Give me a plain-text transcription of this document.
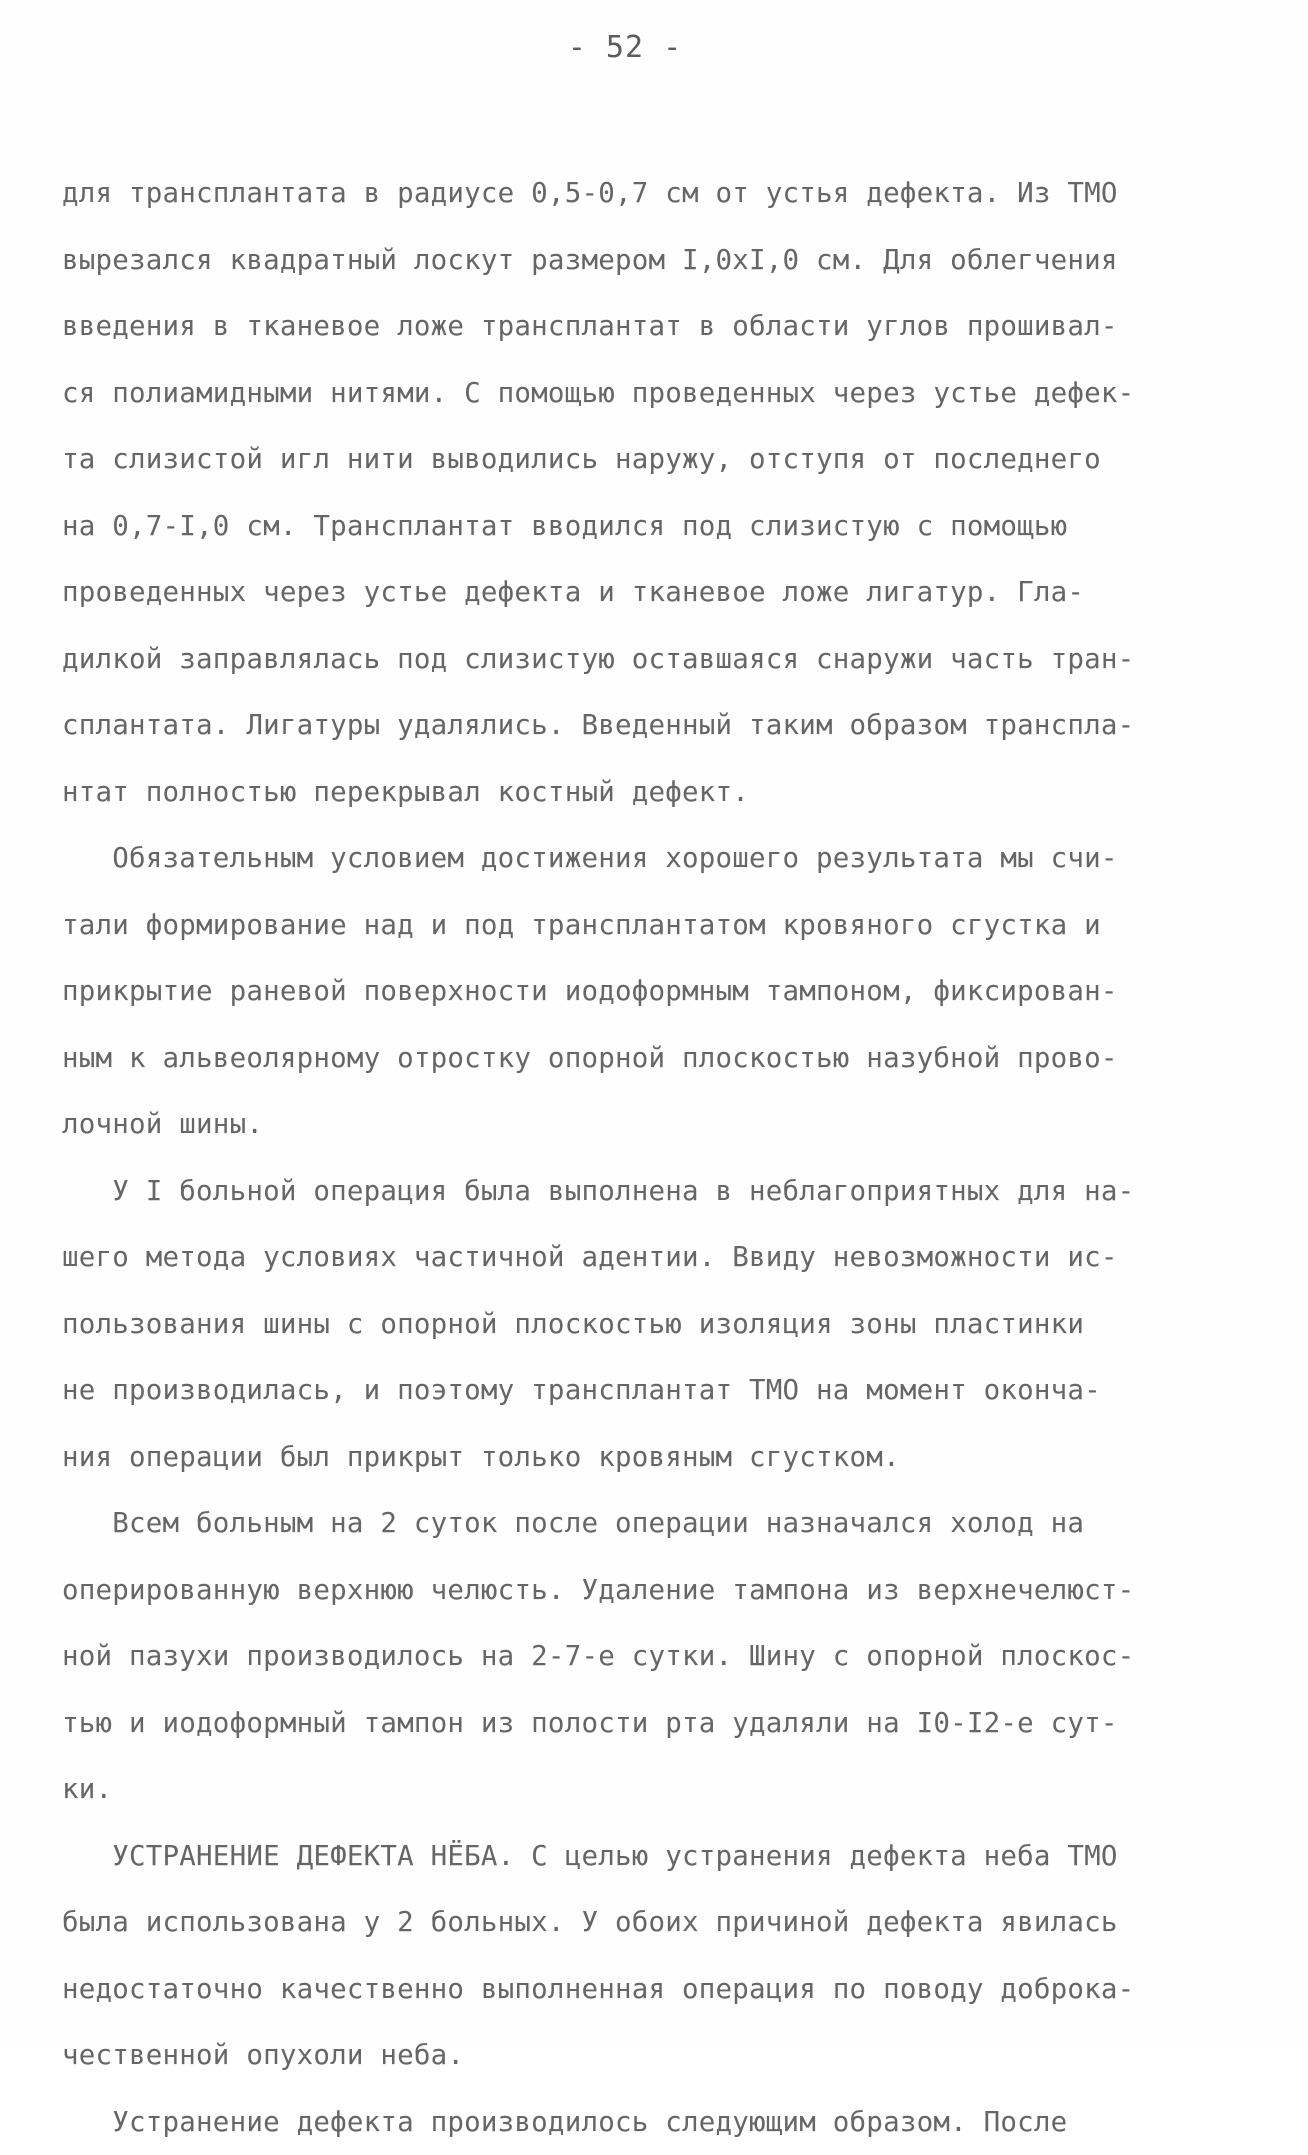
- 52 -
для трансплантата в радиусе 0,5-0,7 см от устья дефекта. Из ТМО
вырезался квадратный лоскут размером I,0xI,0 см. Для облегчения
введения в тканевое ложе трансплантат в области углов прошивал-
ся полиамидными нитями. С помощью проведенных через устье дефек-
та слизистой игл нити выводились наружу, отступя от последнего
на 0,7-I,0 см. Трансплантат вводился под слизистую с помощью
проведенных через устье дефекта и тканевое ложе лигатур. Гла-
дилкой заправлялась под слизистую оставшаяся снаружи часть тран-
сплантата. Лигатуры удалялись. Введенный таким образом транспла-
нтат полностью перекрывал костный дефект.
Обязательным условием достижения хорошего результата мы счи-
тали формирование над и под трансплантатом кровяного сгустка и
прикрытие раневой поверхности иодоформным тампоном, фиксирован-
ным к альвеолярному отростку опорной плоскостью назубной прово-
лочной шины.
У I больной операция была выполнена в неблагоприятных для на-
шего метода условиях частичной адентии. Ввиду невозможности ис-
пользования шины с опорной плоскостью изоляция зоны пластинки
не производилась, и поэтому трансплантат ТМО на момент оконча-
ния операции был прикрыт только кровяным сгустком.
Всем больным на 2 суток после операции назначался холод на
оперированную верхнюю челюсть. Удаление тампона из верхнечелюст-
ной пазухи производилось на 2-7-е сутки. Шину с опорной плоскос-
тью и иодоформный тампон из полости рта удаляли на I0-I2-е сут-
ки.
УСТРАНЕНИЕ ДЕФЕКТА НЁБА. С целью устранения дефекта неба ТМО
была использована у 2 больных. У обоих причиной дефекта явилась
недостаточно качественно выполненная операция по поводу доброка-
чественной опухоли неба.
Устранение дефекта производилось следующим образом. После
